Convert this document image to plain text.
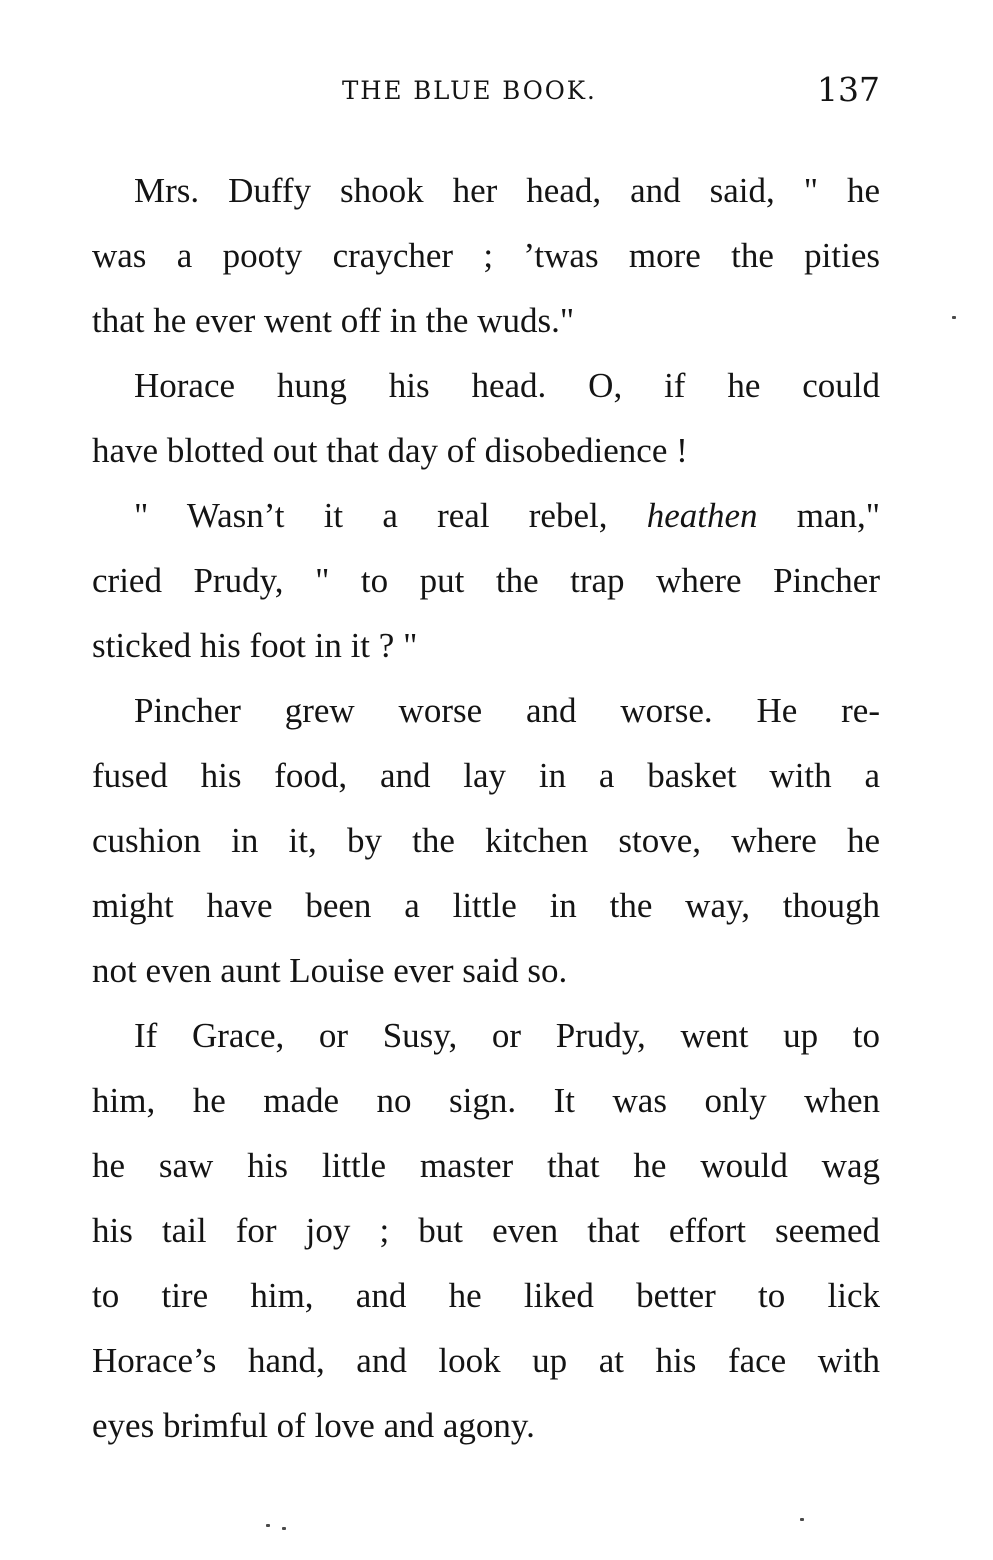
THE BLUE BOOK.	137
Mrs. Duffy shook her head, and said, " he
was a pooty craycher ; ’twas more the pities
that he ever went off in the wuds."
Horace hung his head. O, if he could
have blotted out that day of disobedience !
" Wasn’t it a real rebel, heathen man,"
cried Prudy, " to put the trap where Pincher
sticked his foot in it ? "
Pincher grew worse and worse. He re-
fused his food, and lay in a basket with a
cushion in it, by the kitchen stove, where he
might have been a little in the way, though
not even aunt Louise ever said so.
If Grace, or Susy, or Prudy, went up to
him, he made no sign. It was only when
he saw his little master that he would wag
his tail for joy ; but even that effort seemed
to tire him, and he liked better to lick
Horace’s hand, and look up at his face with
eyes brimful of love and agony.
